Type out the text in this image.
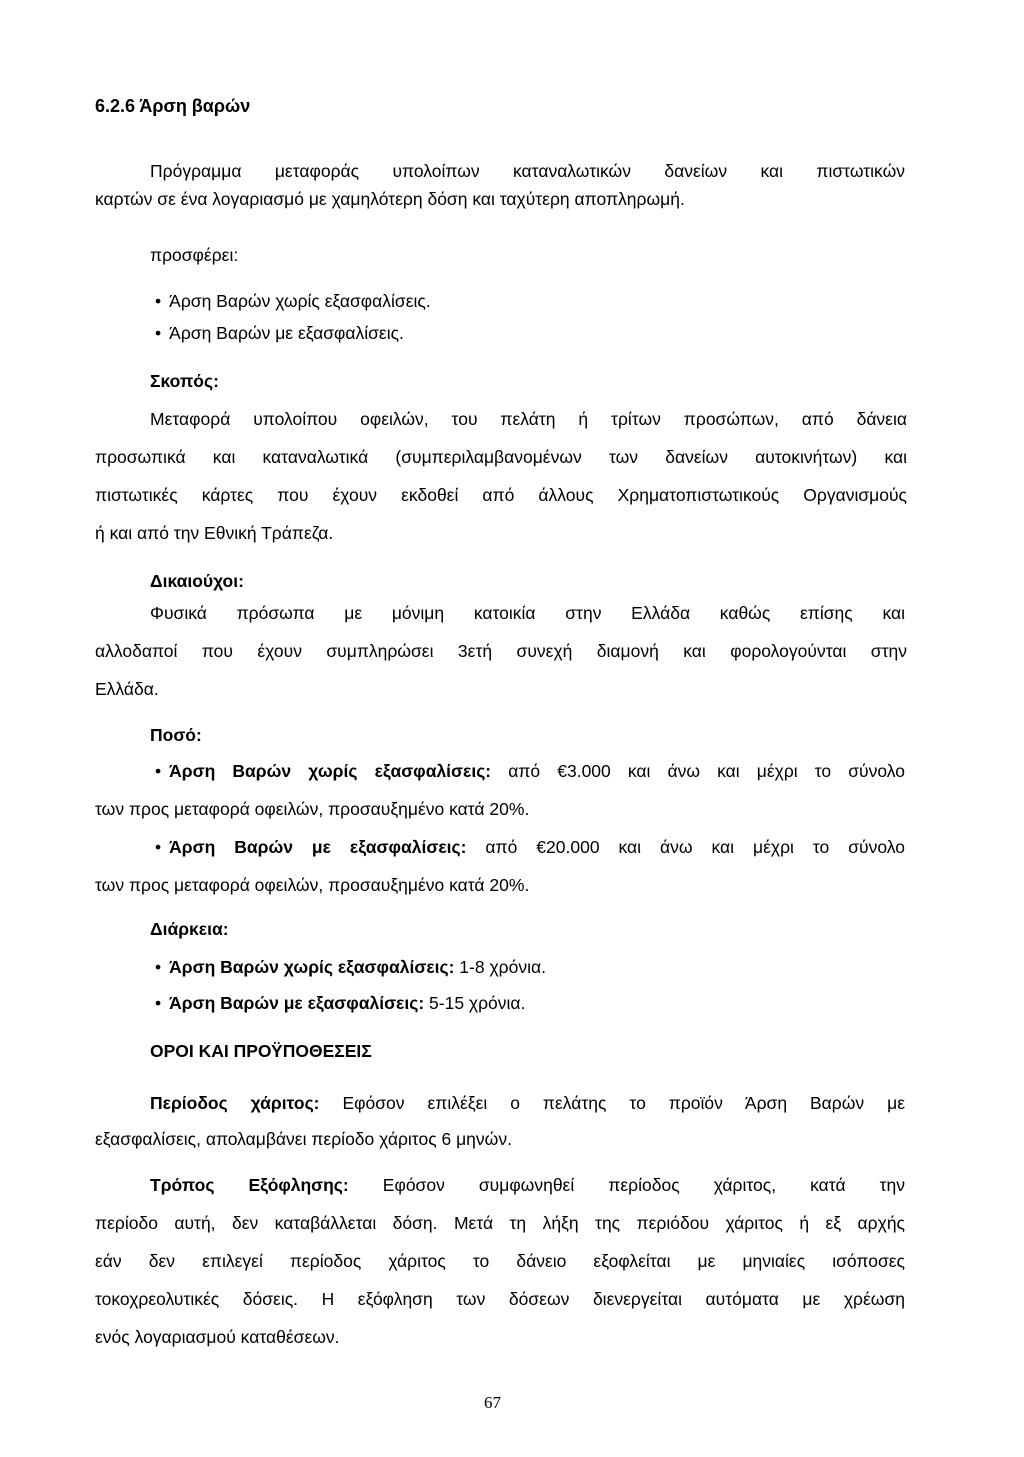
6.2.6 Άρση βαρών
Πρόγραμμα μεταφοράς υπολοίπων καταναλωτικών δανείων και πιστωτικών
καρτών σε ένα λογαριασμό με χαμηλότερη δόση και ταχύτερη αποπληρωμή.
προσφέρει:
• Άρση Βαρών χωρίς εξασφαλίσεις.
• Άρση Βαρών με εξασφαλίσεις.
Σκοπός:
Μεταφορά υπολοίπου οφειλών, του πελάτη ή τρίτων προσώπων, από δάνεια
προσωπικά και καταναλωτικά (συμπεριλαμβανομένων των δανείων αυτοκινήτων) και
πιστωτικές κάρτες που έχουν εκδοθεί από άλλους Χρηματοπιστωτικούς Οργανισμούς
ή και από την Εθνική Τράπεζα.
Δικαιούχοι:
Φυσικά πρόσωπα με μόνιμη κατοικία στην Ελλάδα καθώς επίσης και
αλλοδαποί που έχουν συμπληρώσει 3ετή συνεχή διαμονή και φορολογούνται στην
Ελλάδα.
Ποσό:
• Άρση Βαρών χωρίς εξασφαλίσεις: από €3.000 και άνω και μέχρι το σύνολο
των προς μεταφορά οφειλών, προσαυξημένο κατά 20%.
• Άρση Βαρών με εξασφαλίσεις: από €20.000 και άνω και μέχρι το σύνολο
των προς μεταφορά οφειλών, προσαυξημένο κατά 20%.
Διάρκεια:
• Άρση Βαρών χωρίς εξασφαλίσεις: 1-8 χρόνια.
• Άρση Βαρών με εξασφαλίσεις: 5-15 χρόνια.
ΟΡΟΙ ΚΑΙ ΠΡΟΫΠΟΘΕΣΕΙΣ
Περίοδος χάριτος: Εφόσον επιλέξει ο πελάτης το προϊόν Άρση Βαρών με
εξασφαλίσεις, απολαμβάνει περίοδο χάριτος 6 μηνών.
Τρόπος Εξόφλησης: Εφόσον συμφωνηθεί περίοδος χάριτος, κατά την
περίοδο αυτή, δεν καταβάλλεται δόση. Μετά τη λήξη της περιόδου χάριτος ή εξ αρχής
εάν δεν επιλεγεί περίοδος χάριτος το δάνειο εξοφλείται με μηνιαίες ισόποσες
τοκοχρεολυτικές δόσεις. Η εξόφληση των δόσεων διενεργείται αυτόματα με χρέωση
ενός λογαριασμού καταθέσεων.
67
